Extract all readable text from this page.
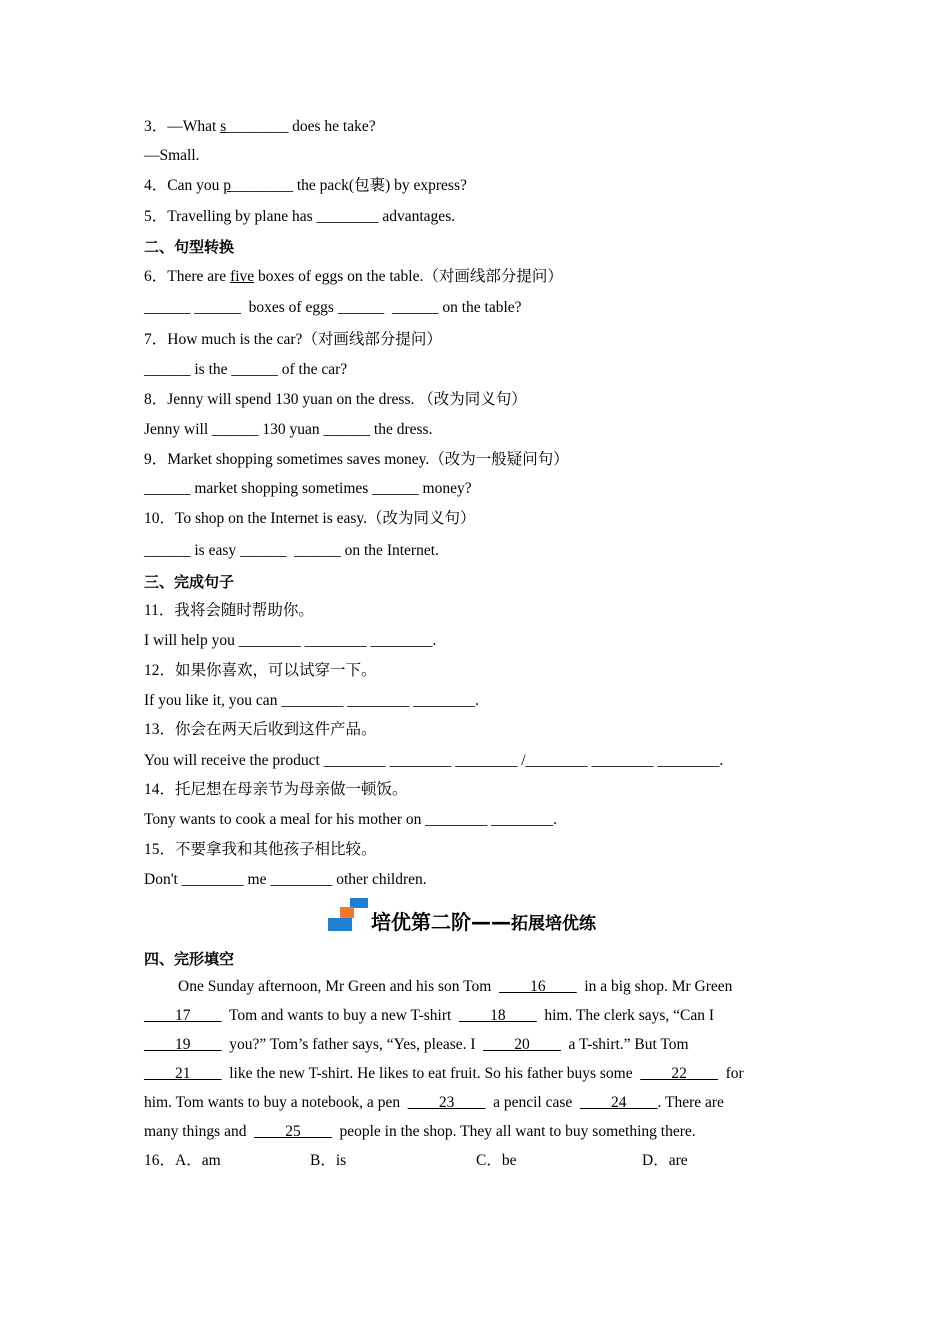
3．—What s________ does he take?
—Small.
4．Can you p________ the pack(包裹) by express?
5．Travelling by plane has ________ advantages.
二、句型转换
6．There are five boxes of eggs on the table.（对画线部分提问）
______ ______  boxes of eggs ______  ______ on the table?
7．How much is the car?（对画线部分提问）
______ is the ______ of the car?
8．Jenny will spend 130 yuan on the dress. （改为同义句）
Jenny will ______ 130 yuan ______ the dress.
9．Market shopping sometimes saves money.（改为一般疑问句）
______ market shopping sometimes ______ money?
10．To shop on the Internet is easy.（改为同义句）
______ is easy ______  ______ on the Internet.
三、完成句子
11．我将会随时帮助你。
I will help you ________ ________ ________.
12．如果你喜欢，可以试穿一下。
If you like it, you can ________ ________ ________.
13．你会在两天后收到这件产品。
You will receive the product ________ ________ ________ /________ ________ ________.
14．托尼想在母亲节为母亲做一顿饭。
Tony wants to cook a meal for his mother on ________ ________.
15．不要拿我和其他孩子相比较。
Don't ________ me ________ other children.
培优第二阶——拓展培优练
四、完形填空
One Sunday afternoon, Mr Green and his son Tom  ____16____  in a big shop. Mr Green
____17____  Tom and wants to buy a new T-shirt  ____18____  him. The clerk says, “Can I
____19____  you?” Tom’s father says, “Yes, please. I  ____20____  a T-shirt.” But Tom
____21____  like the new T-shirt. He likes to eat fruit. So his father buys some  ____22____  for
him. Tom wants to buy a notebook, a pen  ____23____  a pencil case  ____24____. There are
many things and  ____25____  people in the shop. They all want to buy something there.
16．A．am	B．is	C．be	D．are
